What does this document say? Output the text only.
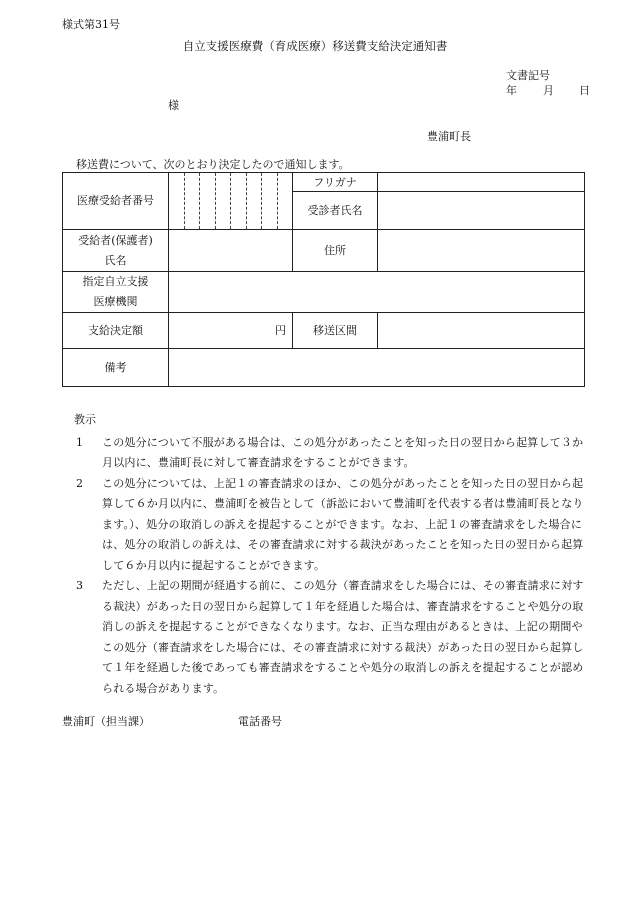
様式第31号
自立支援医療費（育成医療）移送費支給決定通知書
文書記号
年 月 日
様
豊浦町長
移送費について、次のとおり決定したので通知します。
医療受給者番号		フリガナ	
		受診者氏名	

受給者(保護者)
氏名		住所	

指定自立支援
医療機関			

支給決定額	円	移送区間	
備考			
教示
1	この処分について不服がある場合は、この処分があったことを知った日の翌日から起算して３か月以内に、豊浦町長に対して審査請求をすることができます。
2	この処分については、上記１の審査請求のほか、この処分があったことを知った日の翌日から起算して６か月以内に、豊浦町を被告として（訴訟において豊浦町を代表する者は豊浦町長となります。）、処分の取消しの訴えを提起することができます。なお、上記１の審査請求をした場合には、処分の取消しの訴えは、その審査請求に対する裁決があったことを知った日の翌日から起算して６か月以内に提起することができます。
3	ただし、上記の期間が経過する前に、この処分（審査請求をした場合には、その審査請求に対する裁決）があった日の翌日から起算して１年を経過した場合は、審査請求をすることや処分の取消しの訴えを提起することができなくなります。なお、正当な理由があるときは、上記の期間やこの処分（審査請求をした場合には、その審査請求に対する裁決）があった日の翌日から起算して１年を経過した後であっても審査請求をすることや処分の取消しの訴えを提起することが認められる場合があります。
豊浦町（担当課）	電話番号
